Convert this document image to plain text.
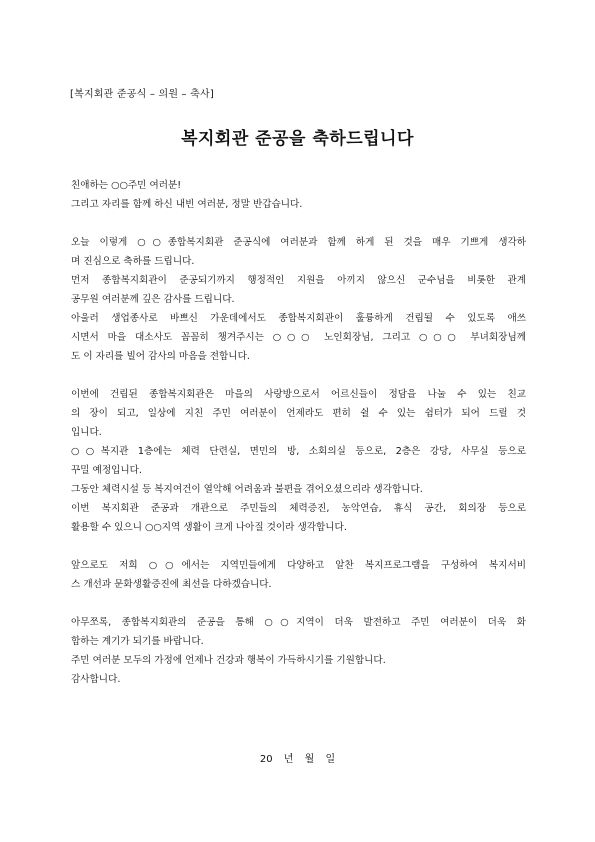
[복지회관 준공식 – 의원 – 축사]
복지회관 준공을 축하드립니다
친애하는 ○○주민 여러분!
그리고 자리를 함께 하신 내빈 여러분, 정말 반갑습니다.
오늘 이렇게 ○○종합복지회관 준공식에 여러분과 함께 하게 된 것을 매우 기쁘게 생각하
며 진심으로 축하를 드립니다.
먼저 종합복지회관이 준공되기까지 행정적인 지원을 아끼지 않으신 군수님을 비롯한 관계
공무원 여러분께 깊은 감사를 드립니다.
아울러 생업종사로 바쁘신 가운데에서도 종합복지회관이 훌륭하게 건립될 수 있도록 애쓰
시면서 마을 대소사도 꼼꼼히 챙겨주시는 ○○○ 노인회장님, 그리고 ○○○ 부녀회장님께
도 이 자리를 빌어 감사의 마음을 전합니다.
이번에 건립된 종합복지회관은 마을의 사랑방으로서 어르신들이 정담을 나눌 수 있는 친교
의 장이 되고, 일상에 지친 주민 여러분이 언제라도 편히 쉴 수 있는 쉼터가 되어 드릴 것
입니다.
○○복지관 1층에는 체력 단련실, 면민의 방, 소회의실 등으로, 2층은 강당, 사무실 등으로
꾸밀 예정입니다.
그동안 체력시설 등 복지여건이 열악해 어려움과 불편을 겪어오셨으리라 생각합니다.
이번 복지회관 준공과 개관으로 주민들의 체력증진, 농악연습, 휴식 공간, 회의장 등으로
활용할 수 있으니 ○○지역 생활이 크게 나아질 것이라 생각합니다.
앞으로도 저희 ○○에서는 지역민들에게 다양하고 알찬 복지프로그램을 구성하여 복지서비
스 개선과 문화생활증진에 최선을 다하겠습니다.
아무쪼록, 종합복지회관의 준공을 통해 ○○지역이 더욱 발전하고 주민 여러분이 더욱 화
합하는 계기가 되기를 바랍니다.
주민 여러분 모두의 가정에 언제나 건강과 행복이 가득하시기를 기원합니다.
감사합니다.
20 년 월 일
